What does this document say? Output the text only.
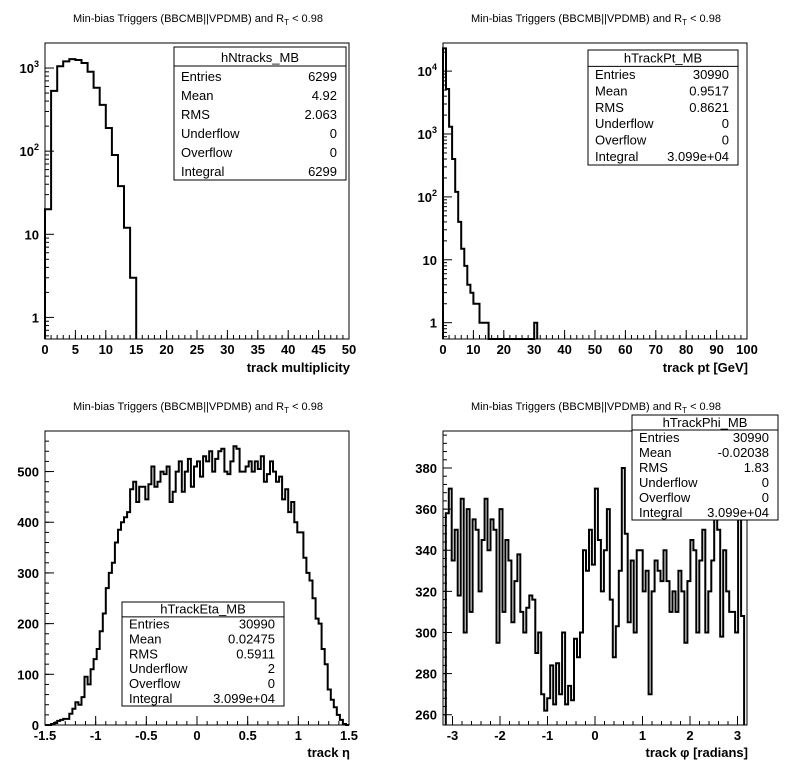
Min-bias Triggers (BBCMB||VPDMB) and $R_T < 0.98$
0 5 10 15 20 25 30 35 40 45 50
1
10
$10^2$
$10^3$
track multiplicity
hNtracks_MB
Entries	6299
Mean	4.92
RMS	2.063
Underflow	0
Overflow	0
Integral	6299
Min-bias Triggers (BBCMB||VPDMB) and $R_T < 0.98$
0 10 20 30 40 50 60 70 80 90 100
1
10
$10^2$
$10^3$
$10^4$
track pt [GeV]
hTrackPt_MB
Entries	30990
Mean	0.9517
RMS	0.8621
Underflow	0
Overflow	0
Integral 3.099e+04
Min-bias Triggers (BBCMB||VPDMB) and $R_T < 0.98$
-1.5	-1	-0.5	0	0.5	1	1.5
0
100
200
300
400
500
track η
hTrackEta_MB
Entries	30990
Mean	0.02475
RMS	0.5911
Underflow	2
Overflow	0
Integral	3.099e+04
Min-bias Triggers (BBCMB||VPDMB) and $R_T < 0.98$
-3	-2	-1	0	1	2	3
260
280
300
320
340
360
380
track φ [radians]
hTrackPhi_MB
Entries	30990
Mean	-0.02038
RMS	1.83
Underflow	0
Overflow	0
Integral 3.099e+04
